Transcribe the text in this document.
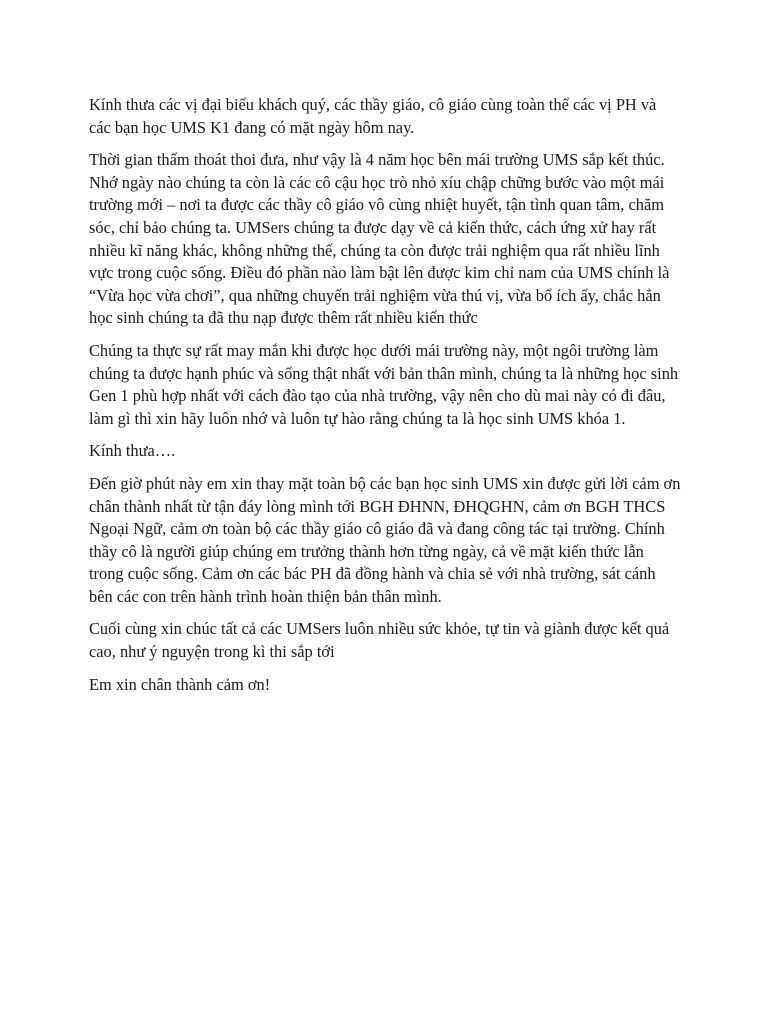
Kính thưa các vị đại biểu khách quý, các thầy giáo, cô giáo cùng toàn thể các vị PH và các bạn học UMS K1 đang có mặt ngày hôm nay.

Thời gian thấm thoát thoi đưa, như vậy là 4 năm học bên mái trường UMS sắp kết thúc. Nhớ ngày nào chúng ta còn là các cô cậu học trò nhỏ xíu chập chững bước vào một mái trường mới – nơi ta được các thầy cô giáo vô cùng nhiệt huyết, tận tình quan tâm, chăm sóc, chỉ bảo chúng ta. UMSers chúng ta được dạy về cả kiến thức, cách ứng xử hay rất nhiều kĩ năng khác, không những thế, chúng ta còn được trải nghiệm qua rất nhiều lĩnh vực trong cuộc sống. Điều đó phần nào làm bật lên được kim chỉ nam của UMS chính là “Vừa học vừa chơi”, qua những chuyến trải nghiệm vừa thú vị, vừa bổ ích ấy, chắc hẳn học sinh chúng ta đã thu nạp được thêm rất nhiều kiến thức

Chúng ta thực sự rất may mắn khi được học dưới mái trường này, một ngôi trường làm chúng ta được hạnh phúc và sống thật nhất với bản thân mình, chúng ta là những học sinh Gen 1 phù hợp nhất với cách đào tạo của nhà trường, vậy nên cho dù mai này có đi đâu, làm gì thì xin hãy luôn nhớ và luôn tự hào rằng chúng ta là học sinh UMS khóa 1.

Kính thưa….

Đến giờ phút này em xin thay mặt toàn bộ các bạn học sinh UMS xin được gửi lời cảm ơn chân thành nhất từ tận đáy lòng mình tới BGH ĐHNN, ĐHQGHN, cảm ơn BGH THCS Ngoại Ngữ, cảm ơn toàn bộ các thầy giáo cô giáo đã và đang công tác tại trường. Chính thầy cô là người giúp chúng em trưởng thành hơn từng ngày, cả về mặt kiến thức lẫn trong cuộc sống. Cảm ơn các bác PH đã đồng hành và chia sẻ với nhà trường, sát cánh bên các con trên hành trình hoàn thiện bản thân mình.

Cuối cùng xin chúc tất cả các UMSers luôn nhiều sức khỏe, tự tin và giành được kết quả cao, như ý nguyện trong kì thi sắp tới

Em xin chân thành cảm ơn!
